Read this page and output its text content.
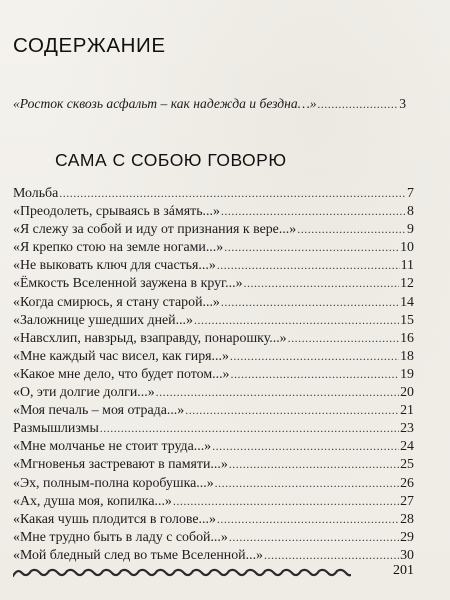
СОДЕРЖАНИЕ
«Росток сквозь асфальт – как надежда и бездна…» .....	3
САМА С СОБОЮ ГОВОРЮ
Мольба .....	7
«Преодолеть, срываясь в зáмять...» .....	8
«Я слежу за собой и иду от признания к вере...» .....	9
«Я крепко стою на земле ногами...» .....	10
«Не выковать ключ для счастья...» .....	11
«Ёмкость Вселенной заужена в круг...» .....	12
«Когда смирюсь, я стану старой...» .....	14
«Заложнице ушедших дней...» .....	15
«Навсхлип, навзрыд, взаправду, понарошку...» .....	16
«Мне каждый час висел, как гиря...» .....	18
«Какое мне дело, что будет потом...» .....	19
«О, эти долгие долги...» .....	20
«Моя печаль – моя отрада...» .....	21
Размышлизмы .....	23
«Мне молчанье не стоит труда...» .....	24
«Мгновенья застревают в памяти...» .....	25
«Эх, полным-полна коробушка...» .....	26
«Ах, душа моя, копилка...» .....	27
«Какая чушь плодится в голове...» .....	28
«Мне трудно быть в ладу с собой...» .....	29
«Мой бледный след во тьме Вселенной...» .....	30
201
